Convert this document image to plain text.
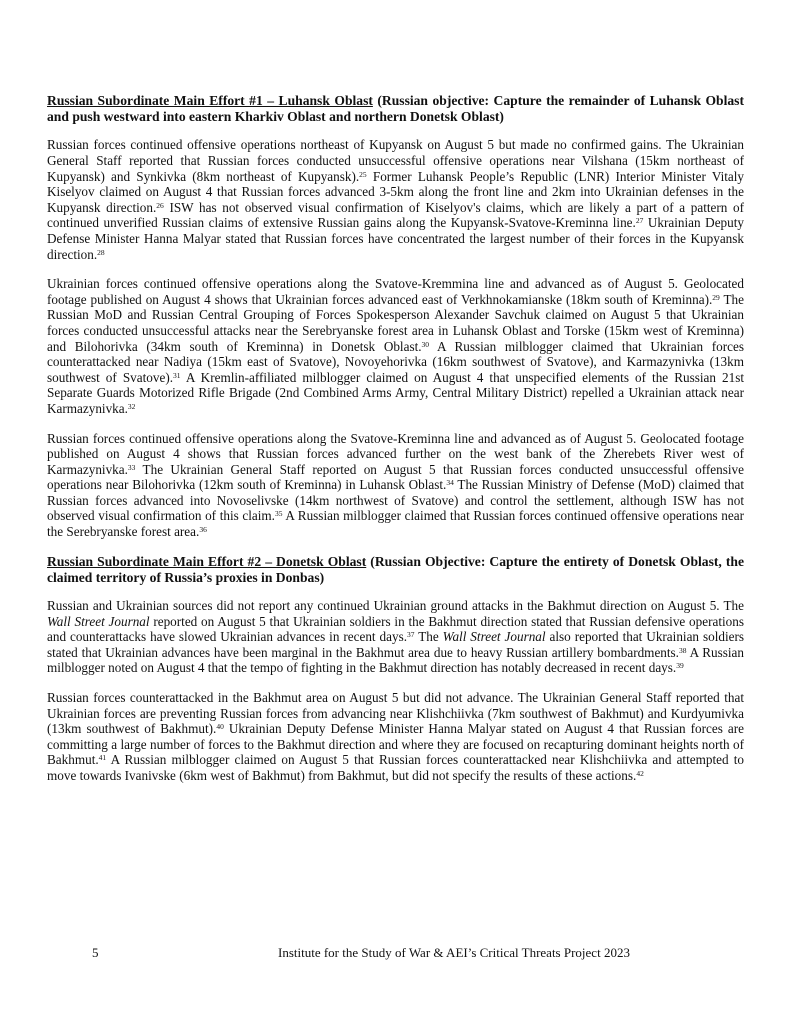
Russian Subordinate Main Effort #1 – Luhansk Oblast (Russian objective: Capture the remainder of Luhansk Oblast and push westward into eastern Kharkiv Oblast and northern Donetsk Oblast)
Russian forces continued offensive operations northeast of Kupyansk on August 5 but made no confirmed gains. The Ukrainian General Staff reported that Russian forces conducted unsuccessful offensive operations near Vilshana (15km northeast of Kupyansk) and Synkivka (8km northeast of Kupyansk).$^{25}$ Former Luhansk People’s Republic (LNR) Interior Minister Vitaly Kiselyov claimed on August 4 that Russian forces advanced 3-5km along the front line and 2km into Ukrainian defenses in the Kupyansk direction.$^{26}$ ISW has not observed visual confirmation of Kiselyov's claims, which are likely a part of a pattern of continued unverified Russian claims of extensive Russian gains along the Kupyansk-Svatove-Kreminna line.$^{27}$ Ukrainian Deputy Defense Minister Hanna Malyar stated that Russian forces have concentrated the largest number of their forces in the Kupyansk direction.$^{28}$
Ukrainian forces continued offensive operations along the Svatove-Kremmina line and advanced as of August 5. Geolocated footage published on August 4 shows that Ukrainian forces advanced east of Verkhnokamianske (18km south of Kreminna).$^{29}$ The Russian MoD and Russian Central Grouping of Forces Spokesperson Alexander Savchuk claimed on August 5 that Ukrainian forces conducted unsuccessful attacks near the Serebryanske forest area in Luhansk Oblast and Torske (15km west of Kreminna) and Bilohorivka (34km south of Kreminna) in Donetsk Oblast.$^{30}$ A Russian milblogger claimed that Ukrainian forces counterattacked near Nadiya (15km east of Svatove), Novoyehorivka (16km southwest of Svatove), and Karmazynivka (13km southwest of Svatove).$^{31}$ A Kremlin-affiliated milblogger claimed on August 4 that unspecified elements of the Russian 21st Separate Guards Motorized Rifle Brigade (2nd Combined Arms Army, Central Military District) repelled a Ukrainian attack near Karmazynivka.$^{32}$
Russian forces continued offensive operations along the Svatove-Kreminna line and advanced as of August 5. Geolocated footage published on August 4 shows that Russian forces advanced further on the west bank of the Zherebets River west of Karmazynivka.$^{33}$ The Ukrainian General Staff reported on August 5 that Russian forces conducted unsuccessful offensive operations near Bilohorivka (12km south of Kreminna) in Luhansk Oblast.$^{34}$ The Russian Ministry of Defense (MoD) claimed that Russian forces advanced into Novoselivske (14km northwest of Svatove) and control the settlement, although ISW has not observed visual confirmation of this claim.$^{35}$ A Russian milblogger claimed that Russian forces continued offensive operations near the Serebryanske forest area.$^{36}$
Russian Subordinate Main Effort #2 – Donetsk Oblast (Russian Objective: Capture the entirety of Donetsk Oblast, the claimed territory of Russia’s proxies in Donbas)
Russian and Ukrainian sources did not report any continued Ukrainian ground attacks in the Bakhmut direction on August 5. The Wall Street Journal reported on August 5 that Ukrainian soldiers in the Bakhmut direction stated that Russian defensive operations and counterattacks have slowed Ukrainian advances in recent days.$^{37}$ The Wall Street Journal also reported that Ukrainian soldiers stated that Ukrainian advances have been marginal in the Bakhmut area due to heavy Russian artillery bombardments.$^{38}$ A Russian milblogger noted on August 4 that the tempo of fighting in the Bakhmut direction has notably decreased in recent days.$^{39}$
Russian forces counterattacked in the Bakhmut area on August 5 but did not advance. The Ukrainian General Staff reported that Ukrainian forces are preventing Russian forces from advancing near Klishchiivka (7km southwest of Bakhmut) and Kurdyumivka (13km southwest of Bakhmut).$^{40}$ Ukrainian Deputy Defense Minister Hanna Malyar stated on August 4 that Russian forces are committing a large number of forces to the Bakhmut direction and where they are focused on recapturing dominant heights north of Bakhmut.$^{41}$ A Russian milblogger claimed on August 5 that Russian forces counterattacked near Klishchiivka and attempted to move towards Ivanivske (6km west of Bakhmut) from Bakhmut, but did not specify the results of these actions.$^{42}$
5	Institute for the Study of War & AEI’s Critical Threats Project 2023
